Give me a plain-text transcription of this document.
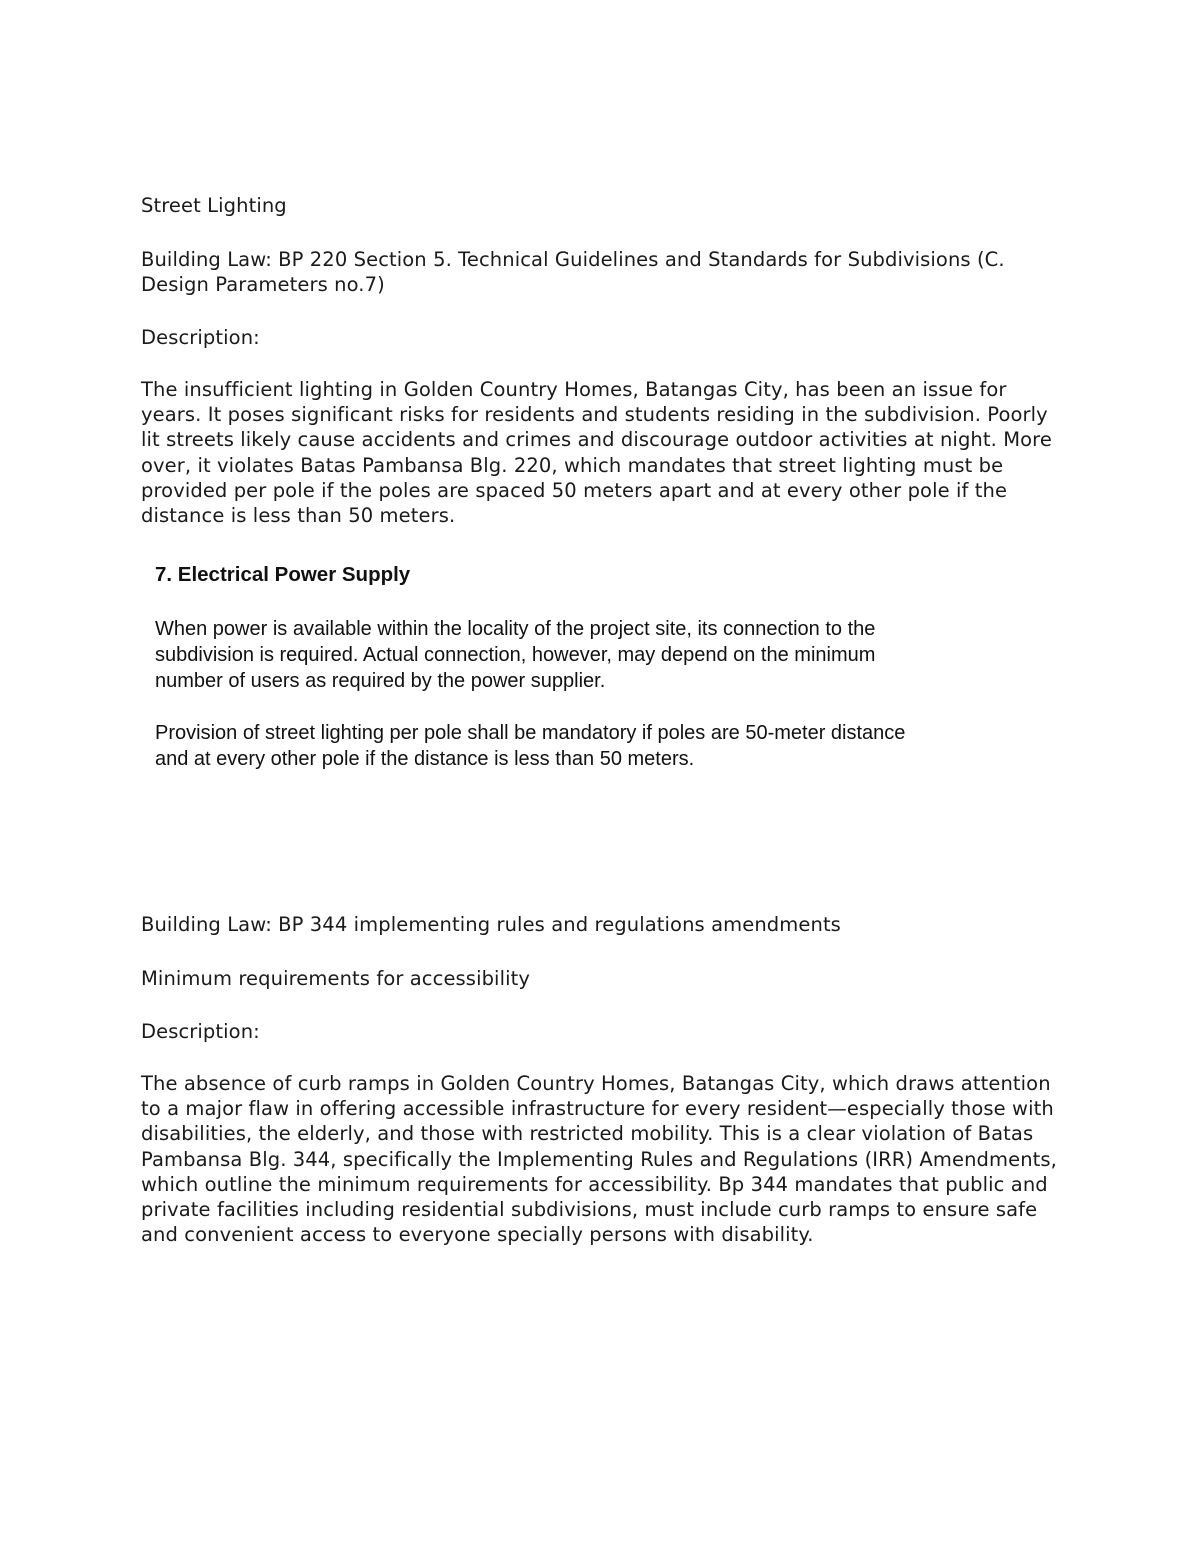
Street Lighting

Building Law: BP 220 Section 5. Technical Guidelines and Standards for Subdivisions (C. Design Parameters no.7)

Description:

The insufficient lighting in Golden Country Homes, Batangas City, has been an issue for years. It poses significant risks for residents and students residing in the subdivision. Poorly lit streets likely cause accidents and crimes and discourage outdoor activities at night. More over, it violates Batas Pambansa Blg. 220, which mandates that street lighting must be provided per pole if the poles are spaced 50 meters apart and at every other pole if the distance is less than 50 meters.

7. Electrical Power Supply

When power is available within the locality of the project site, its connection to the subdivision is required. Actual connection, however, may depend on the minimum number of users as required by the power supplier.

Provision of street lighting per pole shall be mandatory if poles are 50-meter distance and at every other pole if the distance is less than 50 meters.

Building Law: BP 344 implementing rules and regulations amendments

Minimum requirements for accessibility

Description:

The absence of curb ramps in Golden Country Homes, Batangas City, which draws attention to a major flaw in offering accessible infrastructure for every resident—especially those with disabilities, the elderly, and those with restricted mobility. This is a clear violation of Batas Pambansa Blg. 344, specifically the Implementing Rules and Regulations (IRR) Amendments, which outline the minimum requirements for accessibility. Bp 344 mandates that public and private facilities including residential subdivisions, must include curb ramps to ensure safe and convenient access to everyone specially persons with disability.
